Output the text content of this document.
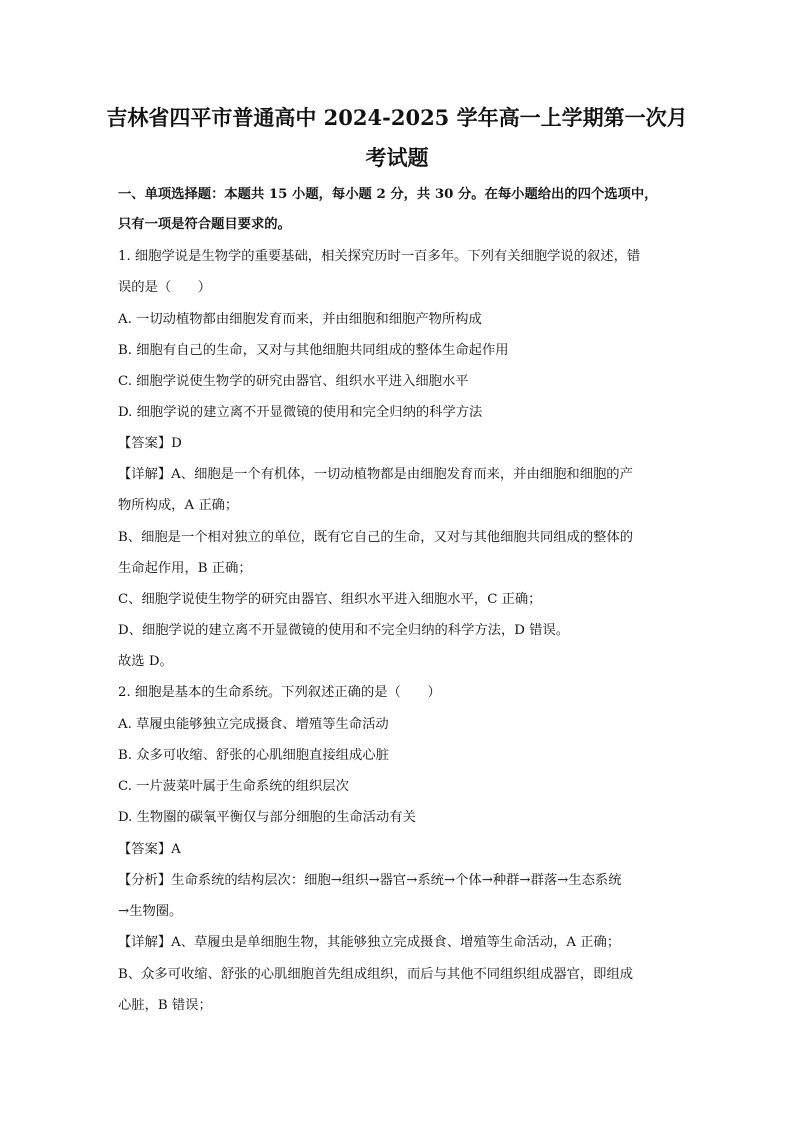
吉林省四平市普通高中 2024-2025 学年高一上学期第一次月
考试题
一、单项选择题：本题共 15 小题，每小题 2 分，共 30 分。在每小题给出的四个选项中，
只有一项是符合题目要求的。
1. 细胞学说是生物学的重要基础，相关探究历时一百多年。下列有关细胞学说的叙述，错
误的是（　　）
A. 一切动植物都由细胞发育而来，并由细胞和细胞产物所构成
B. 细胞有自己的生命，又对与其他细胞共同组成的整体生命起作用
C. 细胞学说使生物学的研究由器官、组织水平进入细胞水平
D. 细胞学说的建立离不开显微镜的使用和完全归纳的科学方法
【答案】D
【详解】A、细胞是一个有机体，一切动植物都是由细胞发育而来，并由细胞和细胞的产
物所构成，A 正确；
B、细胞是一个相对独立的单位，既有它自己的生命，又对与其他细胞共同组成的整体的
生命起作用，B 正确；
C、细胞学说使生物学的研究由器官、组织水平进入细胞水平，C 正确；
D、细胞学说的建立离不开显微镜的使用和不完全归纳的科学方法，D 错误。
故选 D。
2. 细胞是基本的生命系统。下列叙述正确的是（　　）
A. 草履虫能够独立完成摄食、增殖等生命活动
B. 众多可收缩、舒张的心肌细胞直接组成心脏
C. 一片菠菜叶属于生命系统的组织层次
D. 生物圈的碳氧平衡仅与部分细胞的生命活动有关
【答案】A
【分析】生命系统的结构层次：细胞→组织→器官→系统→个体→种群→群落→生态系统
→生物圈。
【详解】A、草履虫是单细胞生物，其能够独立完成摄食、增殖等生命活动，A 正确；
B、众多可收缩、舒张的心肌细胞首先组成组织，而后与其他不同组织组成器官，即组成
心脏，B 错误；
